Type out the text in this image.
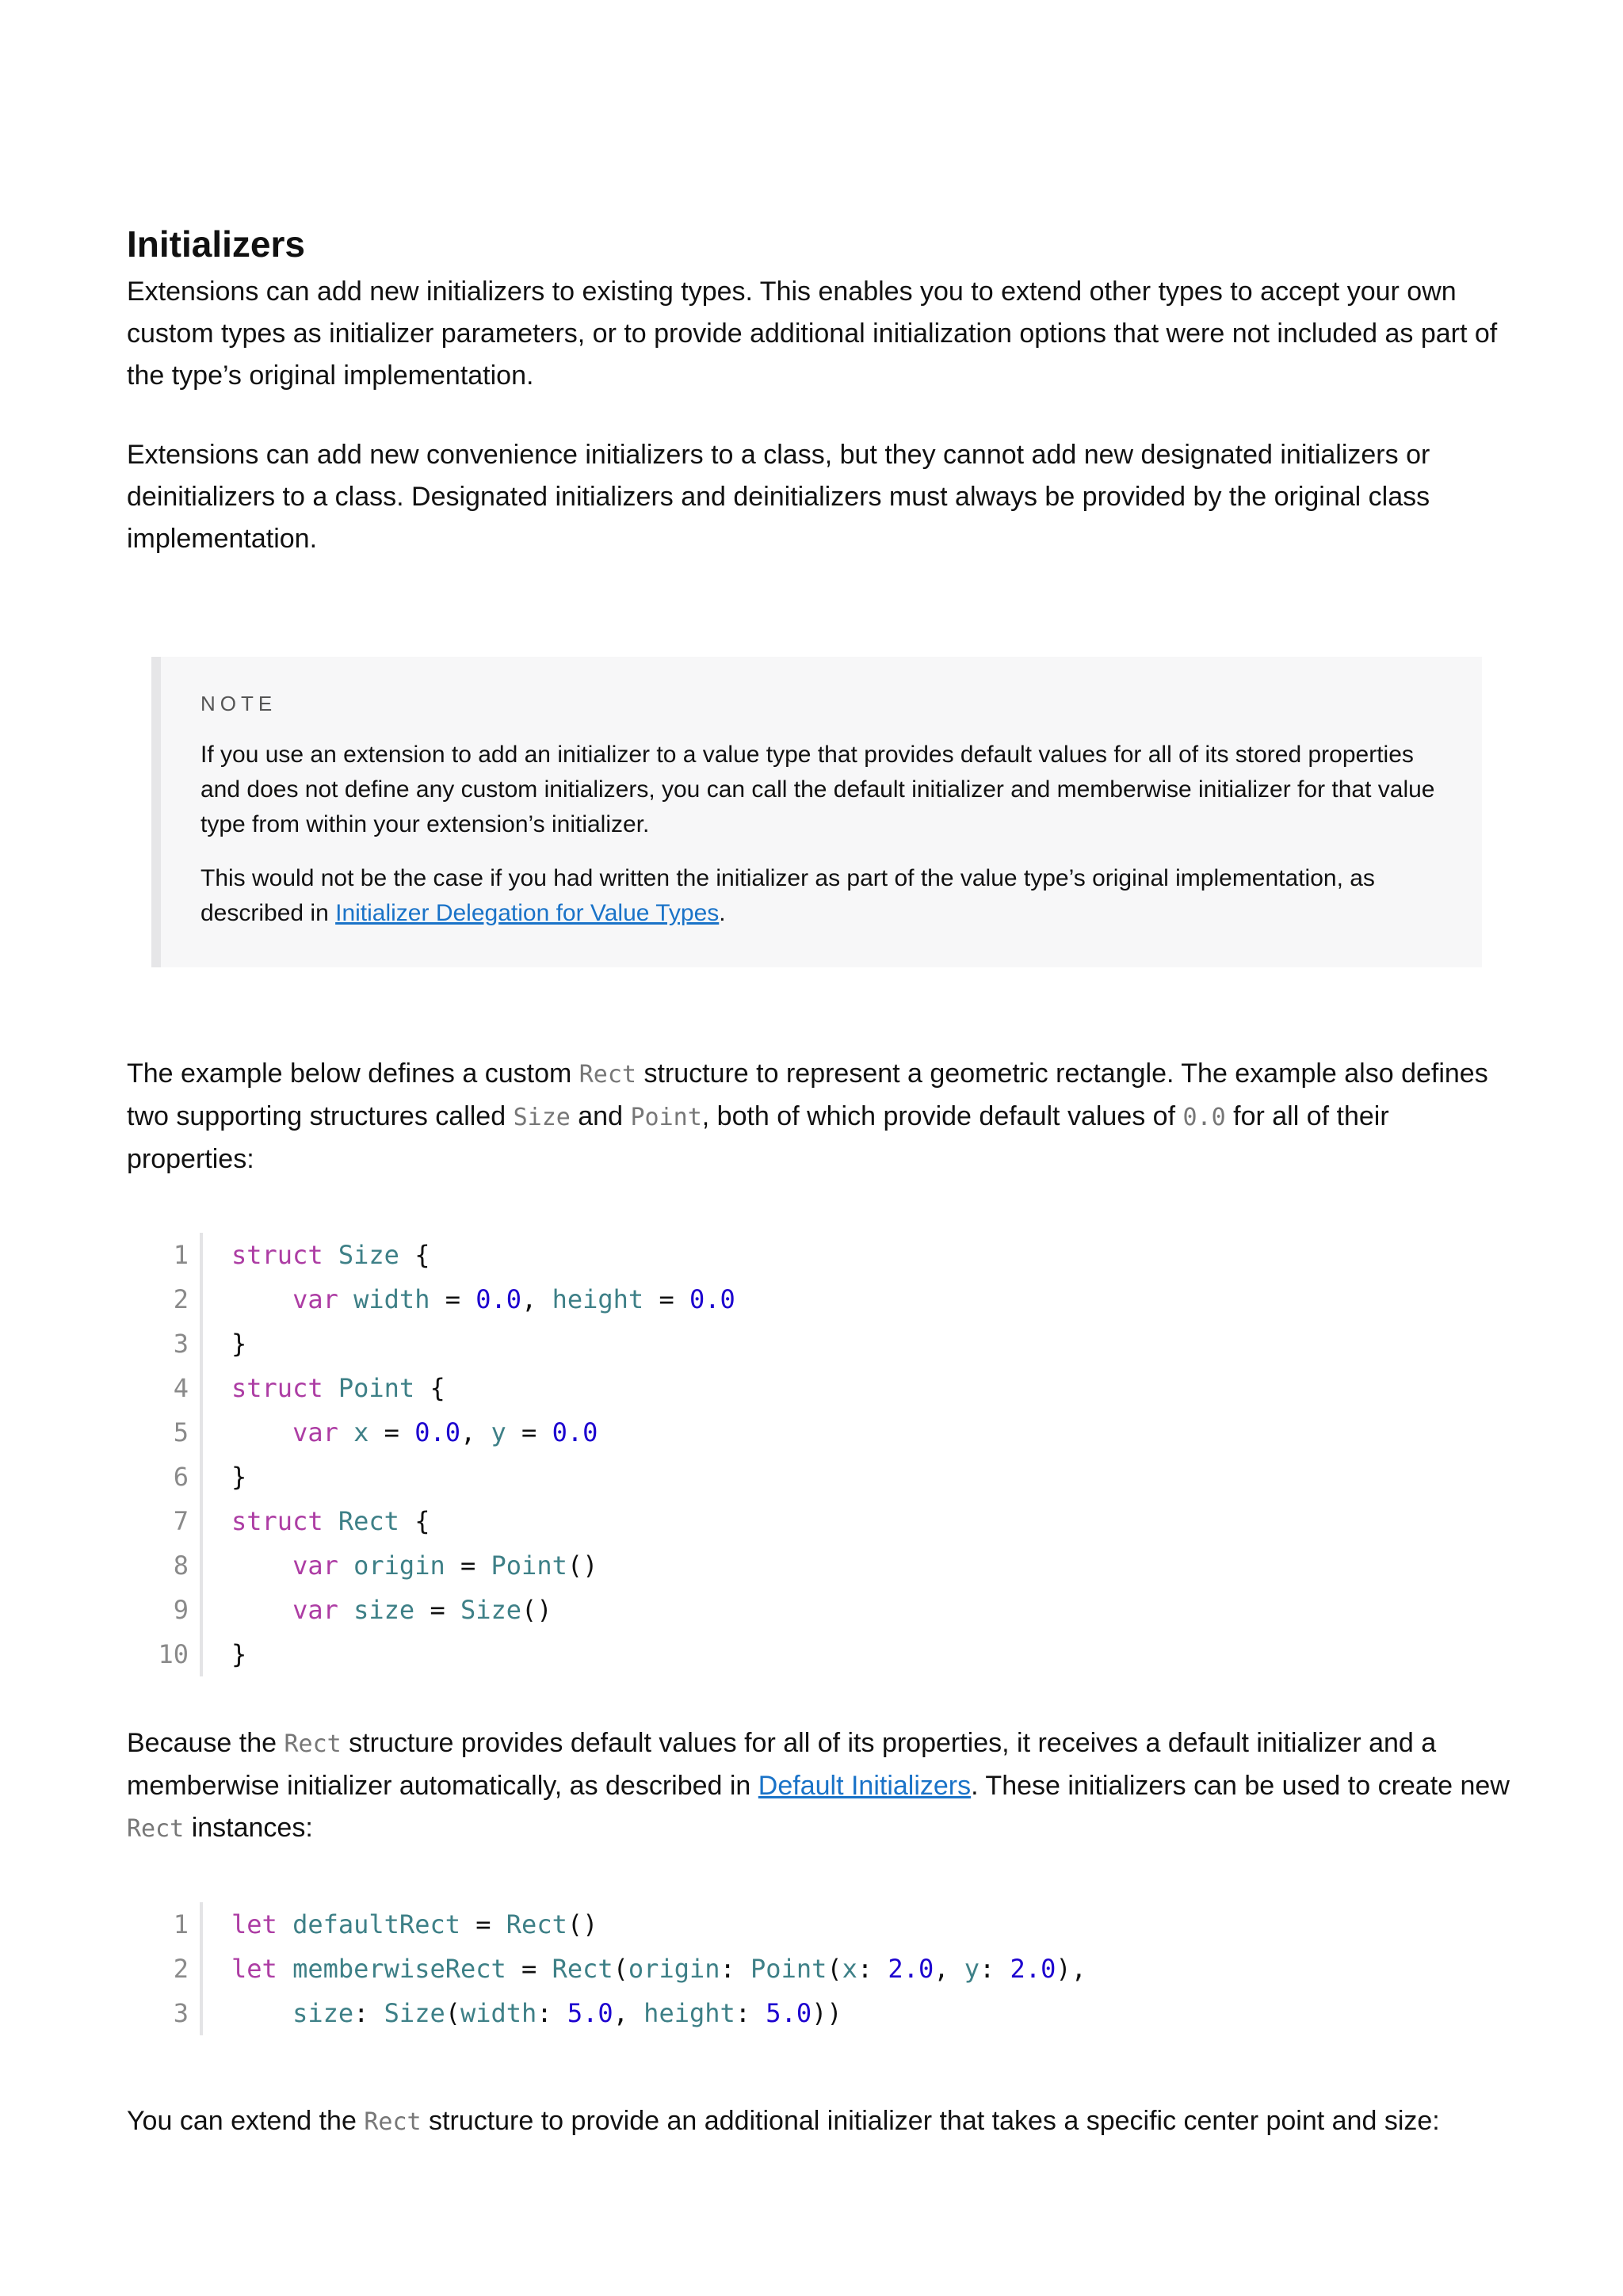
Initializers

Extensions can add new initializers to existing types. This enables you to extend other types to accept your own custom types as initializer parameters, or to provide additional initialization options that were not included as part of the type’s original implementation.

Extensions can add new convenience initializers to a class, but they cannot add new designated initializers or deinitializers to a class. Designated initializers and deinitializers must always be provided by the original class implementation.

NOTE

If you use an extension to add an initializer to a value type that provides default values for all of its stored properties and does not define any custom initializers, you can call the default initializer and memberwise initializer for that value type from within your extension’s initializer.

This would not be the case if you had written the initializer as part of the value type’s original implementation, as described in Initializer Delegation for Value Types.

The example below defines a custom Rect structure to represent a geometric rectangle. The example also defines two supporting structures called Size and Point, both of which provide default values of 0.0 for all of their properties:

1	struct Size {
2	var width = 0.0, height = 0.0
3	}
4	struct Point {
5	var x = 0.0, y = 0.0
6	}
7	struct Rect {
8	var origin = Point()
9	var size = Size()
10	}

Because the Rect structure provides default values for all of its properties, it receives a default initializer and a memberwise initializer automatically, as described in Default Initializers. These initializers can be used to create new Rect instances:

1	let defaultRect = Rect()
2	let memberwiseRect = Rect(origin: Point(x: 2.0, y: 2.0),
3	size: Size(width: 5.0, height: 5.0))

You can extend the Rect structure to provide an additional initializer that takes a specific center point and size:
